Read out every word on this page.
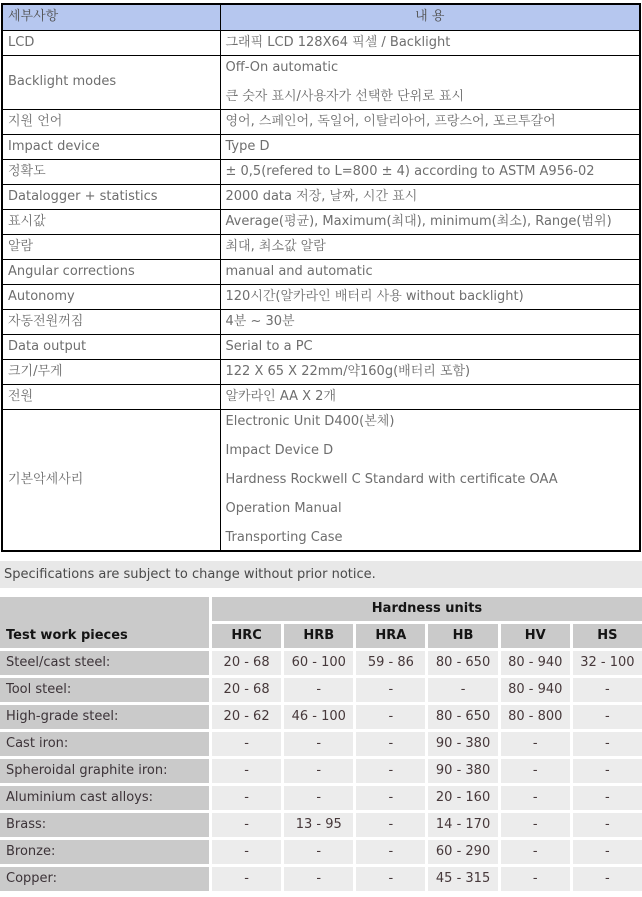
세부사항	내 용
LCD	그래픽 LCD 128X64 픽셀 / Backlight

Backlight modes	Off-On automatic
큰 숫자 표시/사용자가 선택한 단위로 표시

지원 언어	영어, 스페인어, 독일어, 이탈리아어, 프랑스어, 포르투갈어

Impact device	Type D

정확도	± 0,5(refered to L=800 ± 4) according to ASTM A956-02

Datalogger + statistics	2000 data 저장, 날짜, 시간 표시

표시값	Average(평균), Maximum(최대), minimum(최소), Range(범위)

알람	최대, 최소값 알람

Angular corrections	manual and automatic

Autonomy	120시간(알카라인 배터리 사용 without backlight)

자동전원꺼짐	4분 ~ 30분

Data output	Serial to a PC

크기/무게	122 X 65 X 22mm/약160g(배터리 포함)

전원	알카라인 AA X 2개

기본악세사리	Electronic Unit D400(본체)
Impact Device D
Hardness Rockwell C Standard with certificate OAA
Operation Manual
Transporting Case
Specifications are subject to change without prior notice.
Test work pieces
Hardness units
HRC	HRB	HRA	HB	HV	HS
Steel/cast steel:	20 - 68	60 - 100	59 - 86	80 - 650	80 - 940	32 - 100
Tool steel:	20 - 68	-	-	-	80 - 940	-
High-grade steel:	20 - 62	46 - 100	-	80 - 650	80 - 800	-
Cast iron:	-	-	-	90 - 380	-	-
Spheroidal graphite iron:	-	-	-	90 - 380	-	-
Aluminium cast alloys:	-	-	-	20 - 160	-	-
Brass:	-	13 - 95	-	14 - 170	-	-
Bronze:	-	-	-	60 - 290	-	-
Copper:	-	-	-	45 - 315	-	-
